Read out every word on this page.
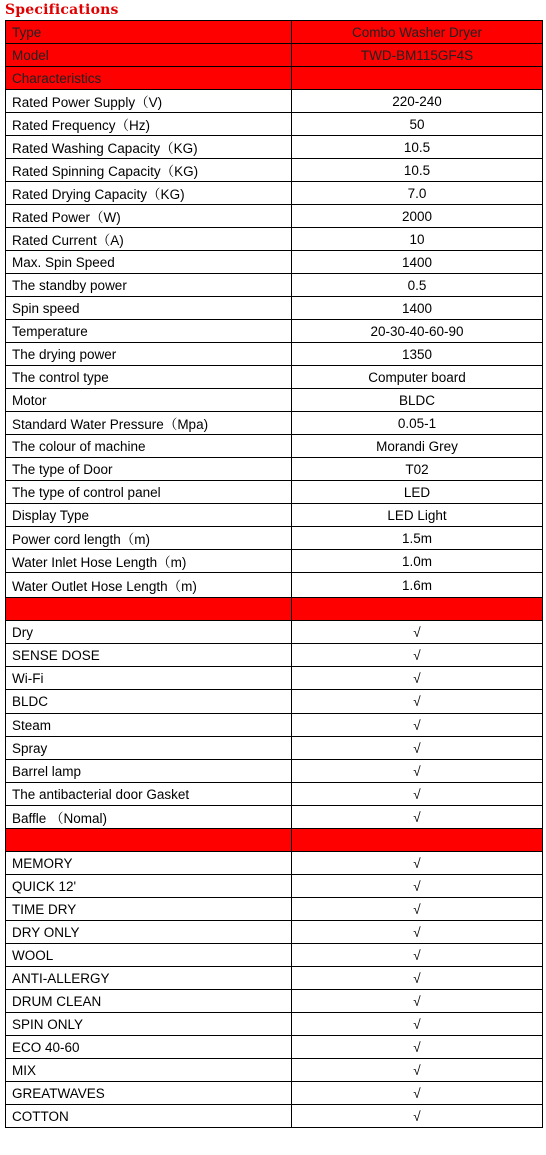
Specifications
Type	Combo Washer Dryer
Model	TWD-BM115GF4S
Characteristics	
Rated Power Supply（V)	220-240
Rated Frequency（Hz)	50
Rated Washing Capacity（KG)	10.5
Rated Spinning Capacity（KG)	10.5
Rated Drying Capacity（KG)	7.0
Rated Power（W)	2000
Rated Current（A)	10
Max. Spin Speed	1400
The standby power	0.5
Spin speed	1400
Temperature	20-30-40-60-90
The drying power	1350
The control type	Computer board
Motor	BLDC
Standard Water Pressure（Mpa)	0.05-1
The colour of machine	Morandi Grey
The type of Door	T02
The type of control panel	LED
Display Type	LED Light
Power cord length（m)	1.5m
Water Inlet Hose Length（m)	1.0m
Water Outlet Hose Length（m)	1.6m

Dry	√
SENSE DOSE	√
Wi-Fi	√
BLDC	√
Steam	√
Spray	√
Barrel lamp	√
The antibacterial door Gasket	√
Baffle （Nomal)	√

MEMORY	√
QUICK 12'	√
TIME DRY	√
DRY ONLY	√
WOOL	√
ANTI-ALLERGY	√
DRUM CLEAN	√
SPIN ONLY	√
ECO 40-60	√
MIX	√
GREATWAVES	√
COTTON	√
